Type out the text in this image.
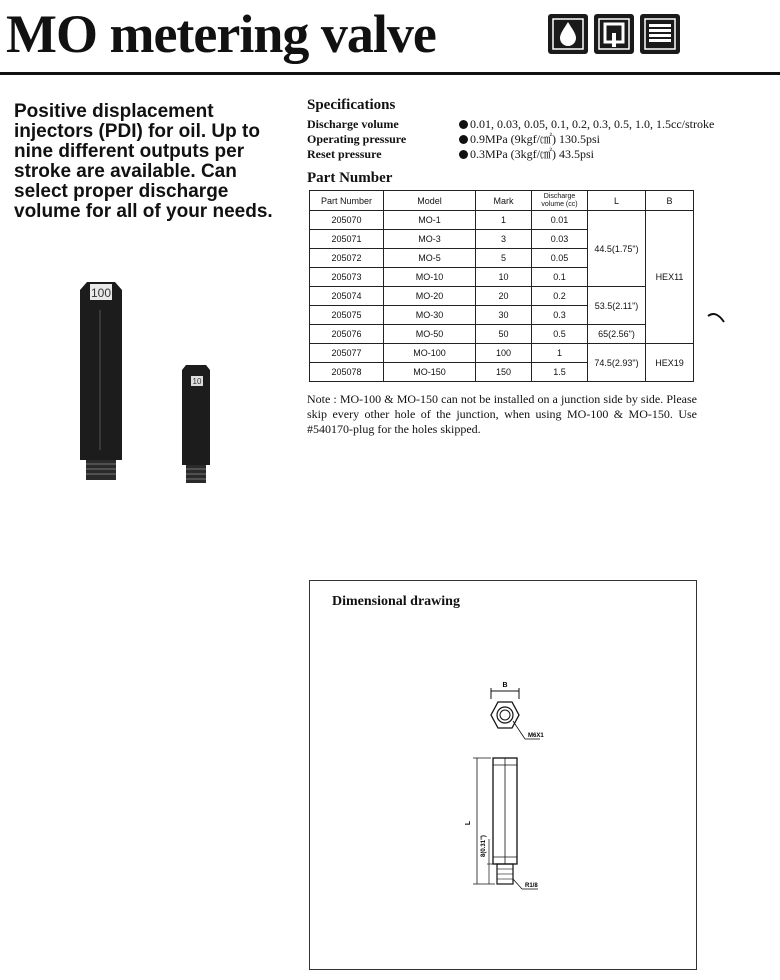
MO metering valve
Positive displacement injectors (PDI) for oil. Up to nine different outputs per stroke are available. Can select proper discharge volume for all of your needs.
100
10
Specifications
Discharge volume	0.01, 0.03, 0.05, 0.1, 0.2, 0.3, 0.5, 1.0, 1.5cc/stroke
Operating pressure	0.9MPa (9kgf/㎠) 130.5psi
Reset pressure	0.3MPa (3kgf/㎠) 43.5psi
Part Number
Part Number	Model	Mark	Discharge volume (cc)	L	B
205070	MO-1	1	0.01	44.5(1.75")	HEX11
205071	MO-3	3	0.03		
205072	MO-5	5	0.05		
205073	MO-10	10	0.1		
205074	MO-20	20	0.2	53.5(2.11")	
205075	MO-30	30	0.3		
205076	MO-50	50	0.5	65(2.56")	
205077	MO-100	100	1	74.5(2.93")	HEX19
205078	MO-150	150	1.5		
Note : MO-100 & MO-150 can not be installed on a junction side by side. Please skip every other hole of the junction, when using MO-100 & MO-150. Use #540170-plug for the holes skipped.
Dimensional drawing
B
M6X1
L
8(0.31")
R1/8
